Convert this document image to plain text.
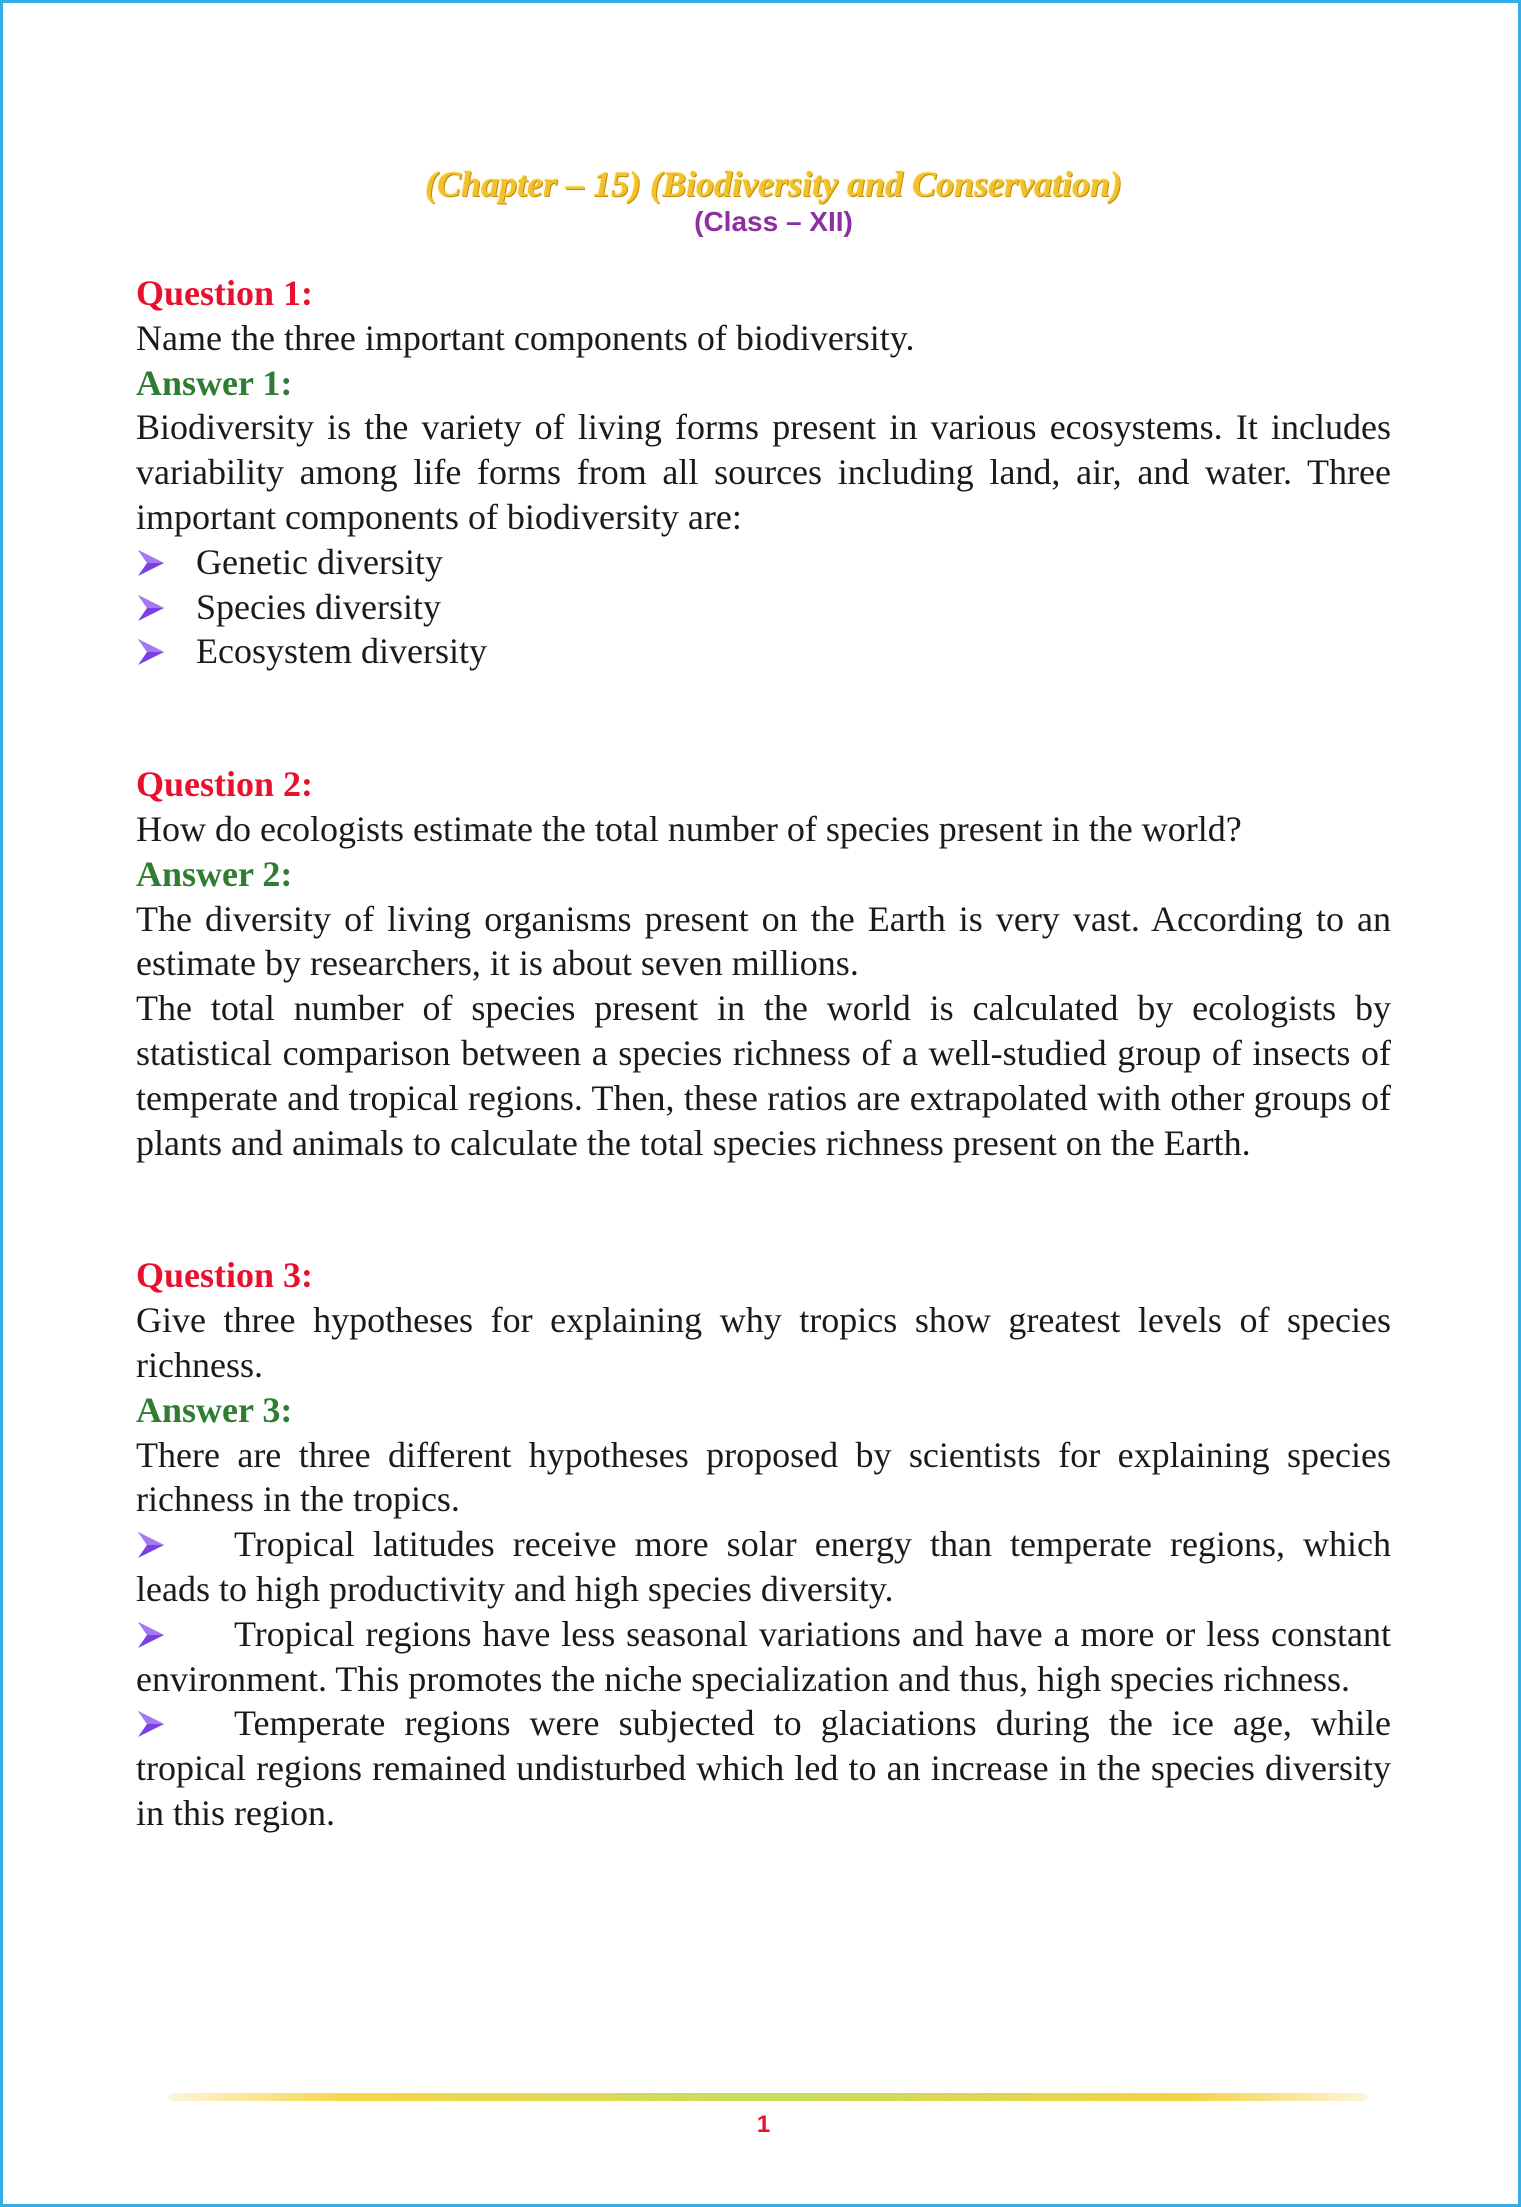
(Chapter – 15) (Biodiversity and Conservation)
(Class – XII)
Question 1:
Name the three important components of biodiversity.
Answer 1:
Biodiversity is the variety of living forms present in various ecosystems. It includes variability among life forms from all sources including land, air, and water. Three important components of biodiversity are:
Genetic diversity
Species diversity
Ecosystem diversity
Question 2:
How do ecologists estimate the total number of species present in the world?
Answer 2:
The diversity of living organisms present on the Earth is very vast. According to an estimate by researchers, it is about seven millions.
The total number of species present in the world is calculated by ecologists by statistical comparison between a species richness of a well-studied group of insects of temperate and tropical regions. Then, these ratios are extrapolated with other groups of plants and animals to calculate the total species richness present on the Earth.
Question 3:
Give three hypotheses for explaining why tropics show greatest levels of species richness.
Answer 3:
There are three different hypotheses proposed by scientists for explaining species richness in the tropics.
Tropical latitudes receive more solar energy than temperate regions, which leads to high productivity and high species diversity.
Tropical regions have less seasonal variations and have a more or less constant environment. This promotes the niche specialization and thus, high species richness.
Temperate regions were subjected to glaciations during the ice age, while tropical regions remained undisturbed which led to an increase in the species diversity in this region.
1
